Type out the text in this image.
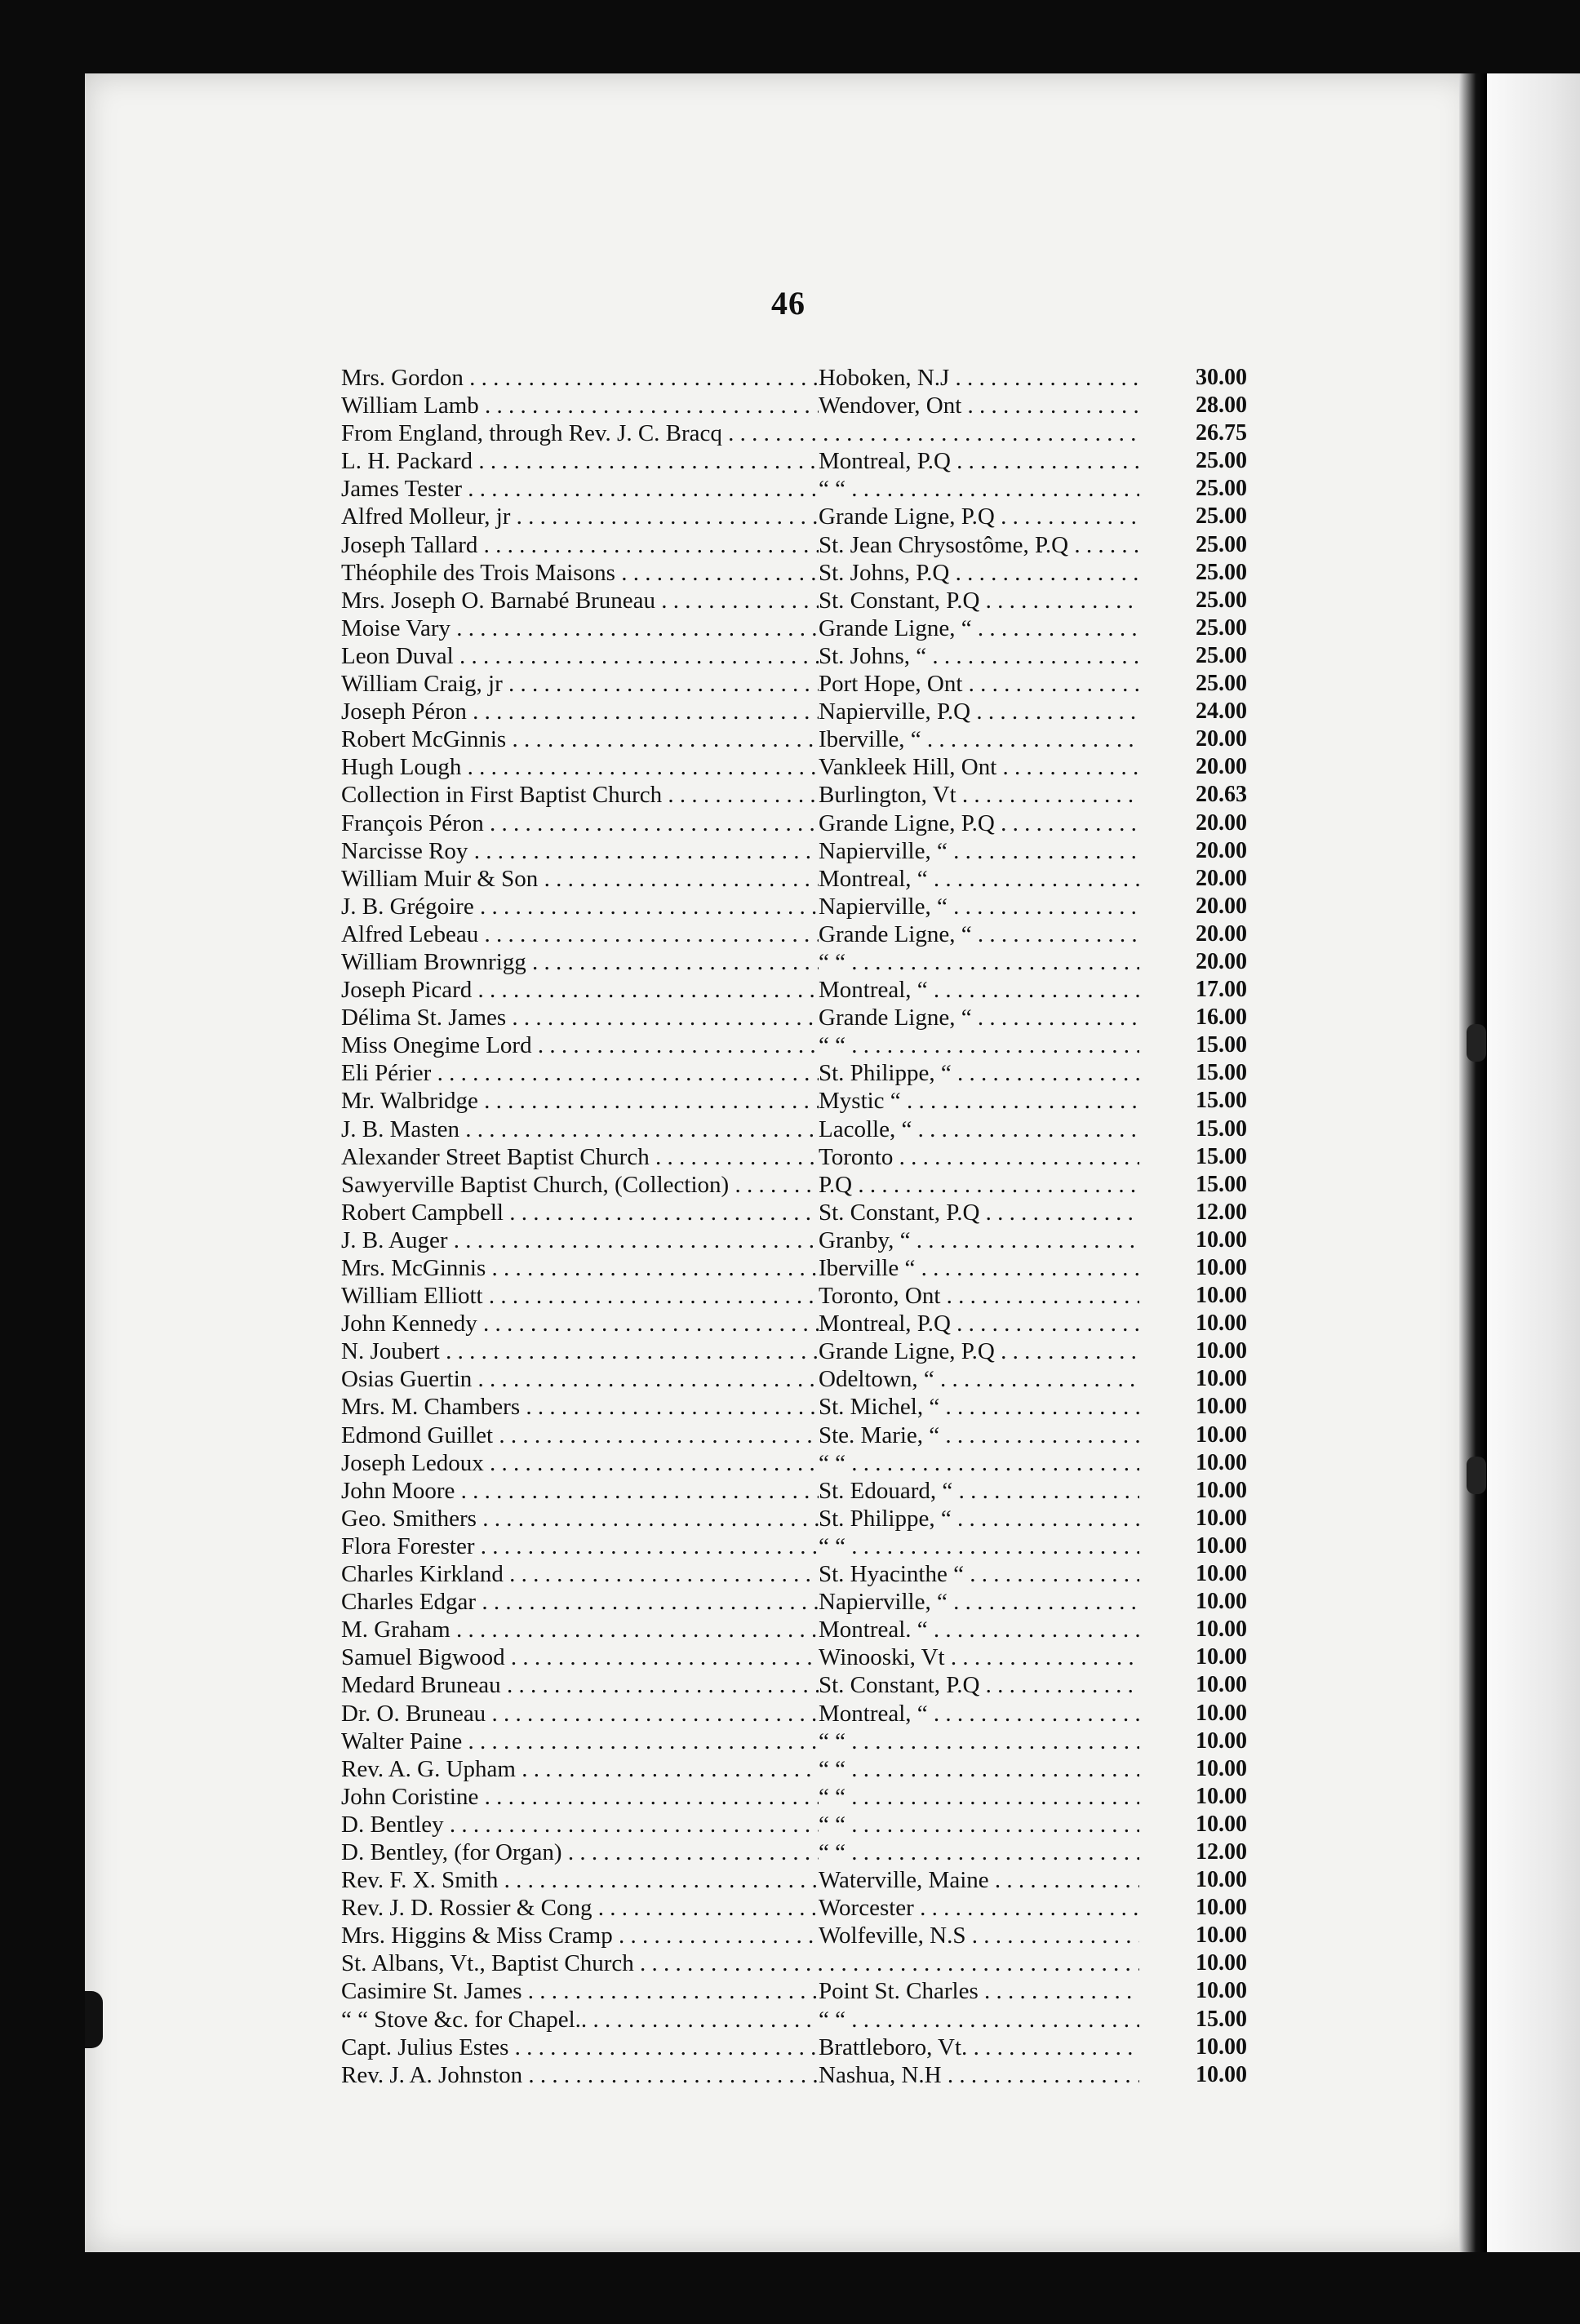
46
Mrs. Gordon . . .	Hoboken, N.J . . .	30.00
William Lamb . . .	Wendover, Ont . . .	28.00
From England, through Rev. J. C. Bracq . . .	26.75
L. H. Packard . . .	Montreal, P.Q . . .	25.00
James Tester . . .	“ “ . . .	25.00
Alfred Molleur, jr . . .	Grande Ligne, P.Q . . .	25.00
Joseph Tallard . . .	St. Jean Chrysostôme, P.Q . . .	25.00
Théophile des Trois Maisons . . .	St. Johns, P.Q . . .	25.00
Mrs. Joseph O. Barnabé Bruneau . . .	St. Constant, P.Q . . .	25.00
Moise Vary . . .	Grande Ligne, “ . . .	25.00
Leon Duval . . .	St. Johns, “ . . .	25.00
William Craig, jr . . .	Port Hope, Ont . . .	25.00
Joseph Péron . . .	Napierville, P.Q . . .	24.00
Robert McGinnis . . .	Iberville, “ . . .	20.00
Hugh Lough . . .	Vankleek Hill, Ont . . .	20.00
Collection in First Baptist Church . . .	Burlington, Vt . . .	20.63
François Péron . . .	Grande Ligne, P.Q . . .	20.00
Narcisse Roy . . .	Napierville, “ . . .	20.00
William Muir & Son . . .	Montreal, “ . . .	20.00
J. B. Grégoire . . .	Napierville, “ . . .	20.00
Alfred Lebeau . . .	Grande Ligne, “ . . .	20.00
William Brownrigg . . .	“ “ . . .	20.00
Joseph Picard . . .	Montreal, “ . . .	17.00
Délima St. James . . .	Grande Ligne, “ . . .	16.00
Miss Onegime Lord . . .	“ “ . . .	15.00
Eli Périer . . .	St. Philippe, “ . . .	15.00
Mr. Walbridge . . .	Mystic “ . . .	15.00
J. B. Masten . . .	Lacolle, “ . . .	15.00
Alexander Street Baptist Church . . .	Toronto . . .	15.00
Sawyerville Baptist Church, (Collection) . . .	P.Q . . .	15.00
Robert Campbell . . .	St. Constant, P.Q . . .	12.00
J. B. Auger . . .	Granby, “ . . .	10.00
Mrs. McGinnis . . .	Iberville “ . . .	10.00
William Elliott . . .	Toronto, Ont . . .	10.00
John Kennedy . . .	Montreal, P.Q . . .	10.00
N. Joubert . . .	Grande Ligne, P.Q . . .	10.00
Osias Guertin . . .	Odeltown, “ . . .	10.00
Mrs. M. Chambers . . .	St. Michel, “ . . .	10.00
Edmond Guillet . . .	Ste. Marie, “ . . .	10.00
Joseph Ledoux . . .	“ “ . . .	10.00
John Moore . . .	St. Edouard, “ . . .	10.00
Geo. Smithers . . .	St. Philippe, “ . . .	10.00
Flora Forester . . .	“ “ . . .	10.00
Charles Kirkland . . .	St. Hyacinthe “ . . .	10.00
Charles Edgar . . .	Napierville, “ . . .	10.00
M. Graham . . .	Montreal. “ . . .	10.00
Samuel Bigwood . . .	Winooski, Vt . . .	10.00
Medard Bruneau . . .	St. Constant, P.Q . . .	10.00
Dr. O. Bruneau . . .	Montreal, “ . . .	10.00
Walter Paine . . .	“ “ . . .	10.00
Rev. A. G. Upham . . .	“ “ . . .	10.00
John Coristine . . .	“ “ . . .	10.00
D. Bentley . . .	“ “ . . .	10.00
D. Bentley, (for Organ) . . .	“ “ . . .	12.00
Rev. F. X. Smith . . .	Waterville, Maine . . .	10.00
Rev. J. D. Rossier & Cong . . .	Worcester . . .	10.00
Mrs. Higgins & Miss Cramp . . .	Wolfeville, N.S . . .	10.00
St. Albans, Vt., Baptist Church . . .	10.00
Casimire St. James . . .	Point St. Charles . . .	10.00
“ “ Stove &c. for Chapel.. . . .	“ “ . . .	15.00
Capt. Julius Estes . . .	Brattleboro, Vt. . . .	10.00
Rev. J. A. Johnston . . .	Nashua, N.H . . .	10.00
